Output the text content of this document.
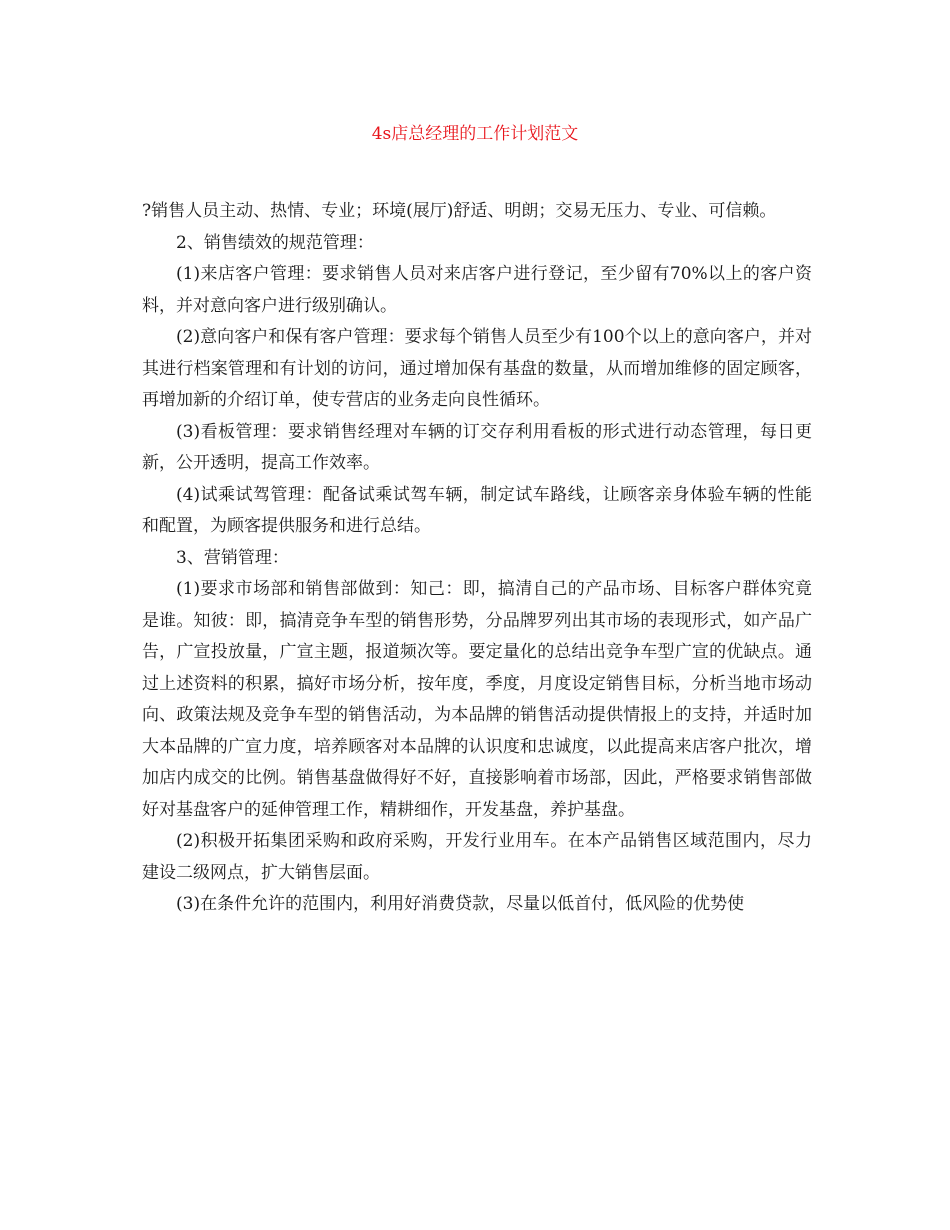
4s店总经理的工作计划范文

?销售人员主动、热情、专业；环境(展厅)舒适、明朗；交易无压力、专业、可信赖。

2、销售绩效的规范管理：

(1)来店客户管理：要求销售人员对来店客户进行登记，至少留有70%以上的客户资料，并对意向客户进行级别确认。

(2)意向客户和保有客户管理：要求每个销售人员至少有100个以上的意向客户，并对其进行档案管理和有计划的访问，通过增加保有基盘的数量，从而增加维修的固定顾客，再增加新的介绍订单，使专营店的业务走向良性循环。

(3)看板管理：要求销售经理对车辆的订交存利用看板的形式进行动态管理，每日更新，公开透明，提高工作效率。

(4)试乘试驾管理：配备试乘试驾车辆，制定试车路线，让顾客亲身体验车辆的性能和配置，为顾客提供服务和进行总结。

3、营销管理：

(1)要求市场部和销售部做到：知己：即，搞清自己的产品市场、目标客户群体究竟是谁。知彼：即，搞清竞争车型的销售形势，分品牌罗列出其市场的表现形式，如产品广告，广宣投放量，广宣主题，报道频次等。要定量化的总结出竞争车型广宣的优缺点。通过上述资料的积累，搞好市场分析，按年度，季度，月度设定销售目标，分析当地市场动向、政策法规及竞争车型的销售活动，为本品牌的销售活动提供情报上的支持，并适时加大本品牌的广宣力度，培养顾客对本品牌的认识度和忠诚度，以此提高来店客户批次，增加店内成交的比例。销售基盘做得好不好，直接影响着市场部，因此，严格要求销售部做好对基盘客户的延伸管理工作，精耕细作，开发基盘，养护基盘。

(2)积极开拓集团采购和政府采购，开发行业用车。在本产品销售区域范围内，尽力建设二级网点，扩大销售层面。

(3)在条件允许的范围内，利用好消费贷款，尽量以低首付，低风险的优势使
